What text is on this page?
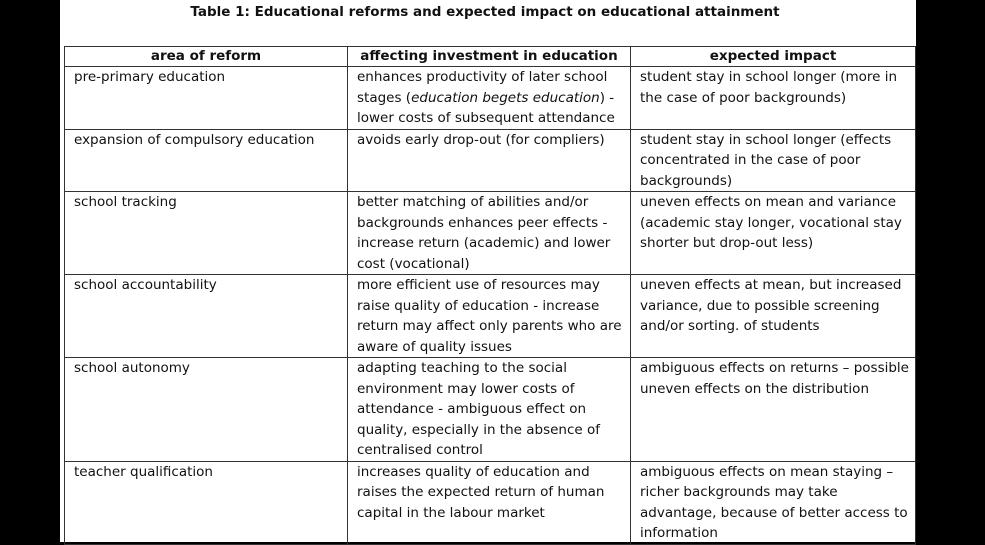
Table 1: Educational reforms and expected impact on educational attainment
area of reform	affecting investment in education	expected impact
pre-primary education	enhances productivity of later school stages (education begets education) - lower costs of subsequent attendance	student stay in school longer (more in the case of poor backgrounds)
expansion of compulsory education	avoids early drop-out (for compliers)	student stay in school longer (effects concentrated in the case of poor backgrounds)
school tracking	better matching of abilities and/or backgrounds enhances peer effects - increase return (academic) and lower cost (vocational)	uneven effects on mean and variance (academic stay longer, vocational stay shorter but drop-out less)
school accountability	more efficient use of resources may raise quality of education - increase return may affect only parents who are aware of quality issues	uneven effects at mean, but increased variance, due to possible screening and/or sorting. of students
school autonomy	adapting teaching to the social environment may lower costs of attendance - ambiguous effect on quality, especially in the absence of centralised control	ambiguous effects on returns – possible uneven effects on the distribution
teacher qualification	increases quality of education and raises the expected return of human capital in the labour market	ambiguous effects on mean staying – richer backgrounds may take advantage, because of better access to information
